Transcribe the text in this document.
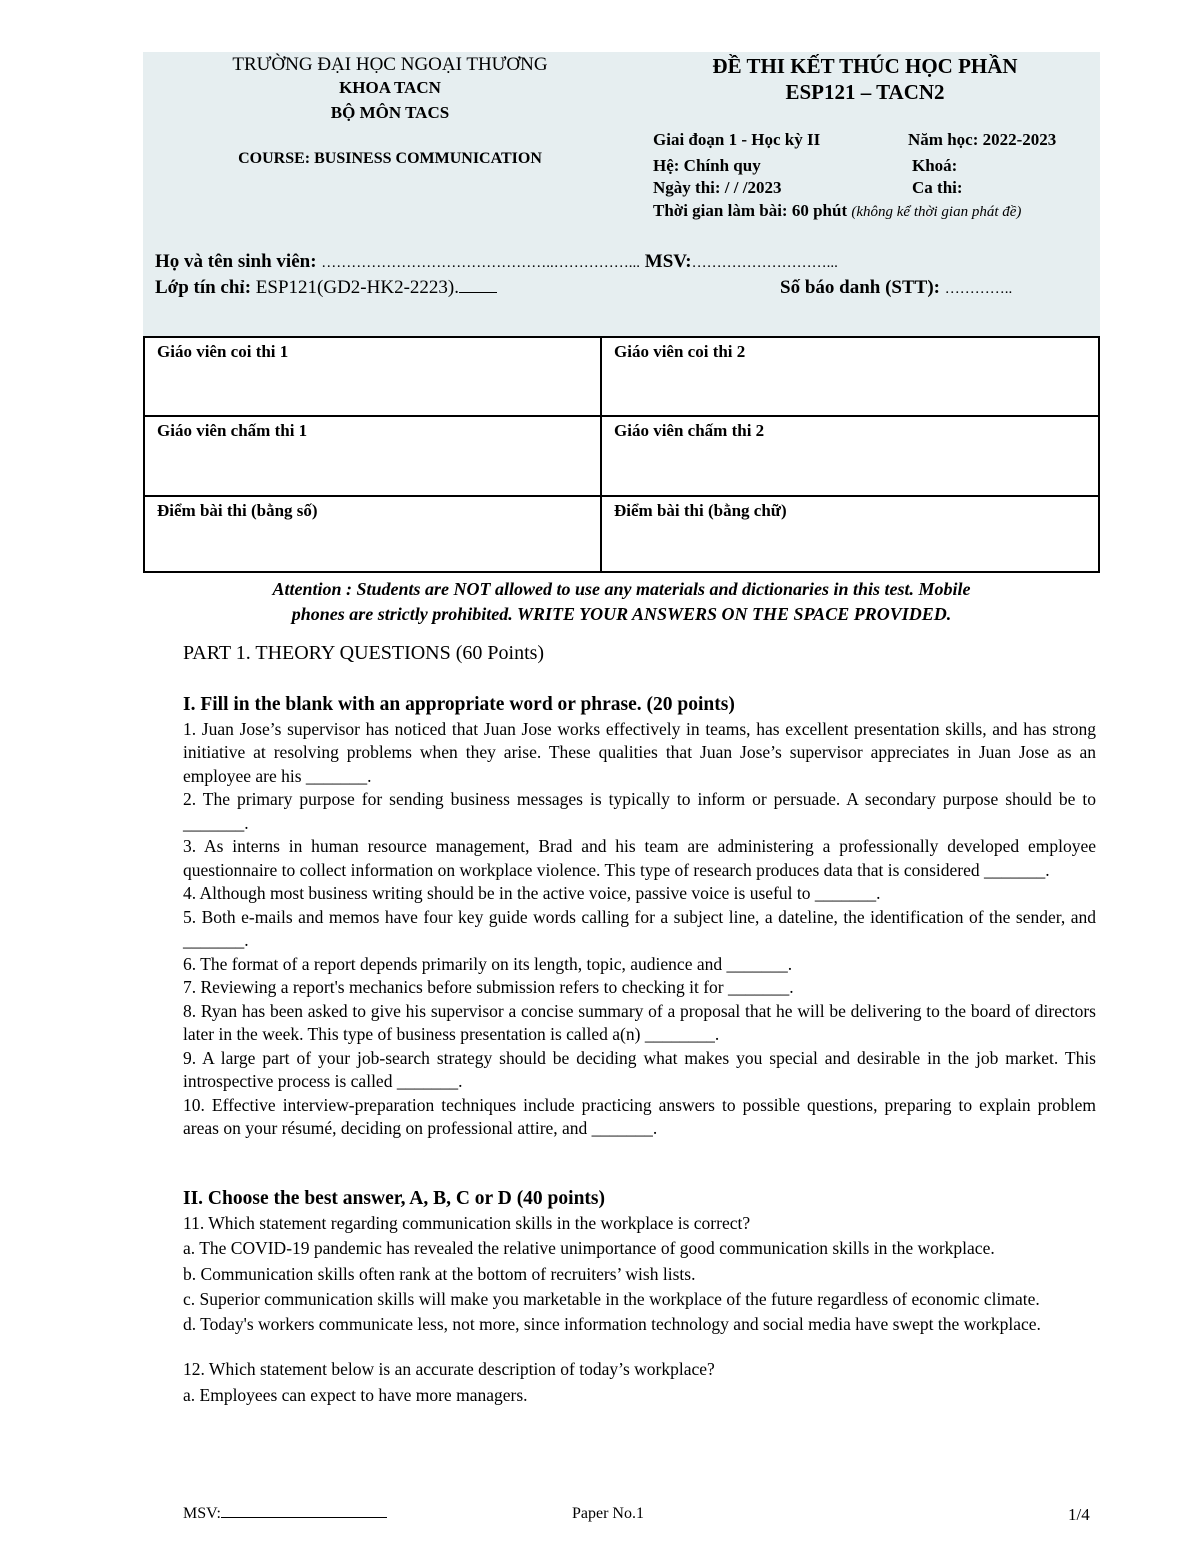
TRƯỜNG ĐẠI HỌC NGOẠI THƯƠNG
KHOA TACN
BỘ MÔN TACS
COURSE: BUSINESS COMMUNICATION
ĐỀ THI KẾT THÚC HỌC PHẦN
ESP121 – TACN2
Giai đoạn 1 - Học kỳ II	Năm học: 2022-2023
Hệ: Chính quy	Khoá:
Ngày thi: / / /2023	Ca thi:
Thời gian làm bài: 60 phút (không kể thời gian phát đề)
Họ và tên sinh viên: ………………………………………..……………... MSV:………………………...
Lớp tín chỉ: ESP121(GD2-HK2-2223).	Số báo danh (STT): …………..
Giáo viên coi thi 1	Giáo viên coi thi 2
Giáo viên chấm thi 1	Giáo viên chấm thi 2
Điểm bài thi (bằng số)	Điểm bài thi (bằng chữ)
Attention : Students are NOT allowed to use any materials and dictionaries in this test. Mobile
phones are strictly prohibited. WRITE YOUR ANSWERS ON THE SPACE PROVIDED.
PART 1. THEORY QUESTIONS (60 Points)

I. Fill in the blank with an appropriate word or phrase. (20 points)

1. Juan Jose’s supervisor has noticed that Juan Jose works effectively in teams, has excellent presentation skills, and has strong initiative at resolving problems when they arise. These qualities that Juan Jose’s supervisor appreciates in Juan Jose as an employee are his _______.

2. The primary purpose for sending business messages is typically to inform or persuade. A secondary purpose should be to _______.

3. As interns in human resource management, Brad and his team are administering a professionally developed employee questionnaire to collect information on workplace violence. This type of research produces data that is considered _______.

4. Although most business writing should be in the active voice, passive voice is useful to _______.

5. Both e-mails and memos have four key guide words calling for a subject line, a dateline, the identification of the sender, and _______.

6. The format of a report depends primarily on its length, topic, audience and _______.

7. Reviewing a report's mechanics before submission refers to checking it for _______.

8. Ryan has been asked to give his supervisor a concise summary of a proposal that he will be delivering to the board of directors later in the week. This type of business presentation is called a(n) ________.

9. A large part of your job-search strategy should be deciding what makes you special and desirable in the job market. This introspective process is called _______.

10. Effective interview-preparation techniques include practicing answers to possible questions, preparing to explain problem areas on your résumé, deciding on professional attire, and _______.

II. Choose the best answer, A, B, C or D (40 points)

11. Which statement regarding communication skills in the workplace is correct?

a. The COVID-19 pandemic has revealed the relative unimportance of good communication skills in the workplace.

b. Communication skills often rank at the bottom of recruiters’ wish lists.

c. Superior communication skills will make you marketable in the workplace of the future regardless of economic climate.

d. Today's workers communicate less, not more, since information technology and social media have swept the workplace.

12. Which statement below is an accurate description of today’s workplace?

a. Employees can expect to have more managers.

MSV:	Paper No.1	1/4
